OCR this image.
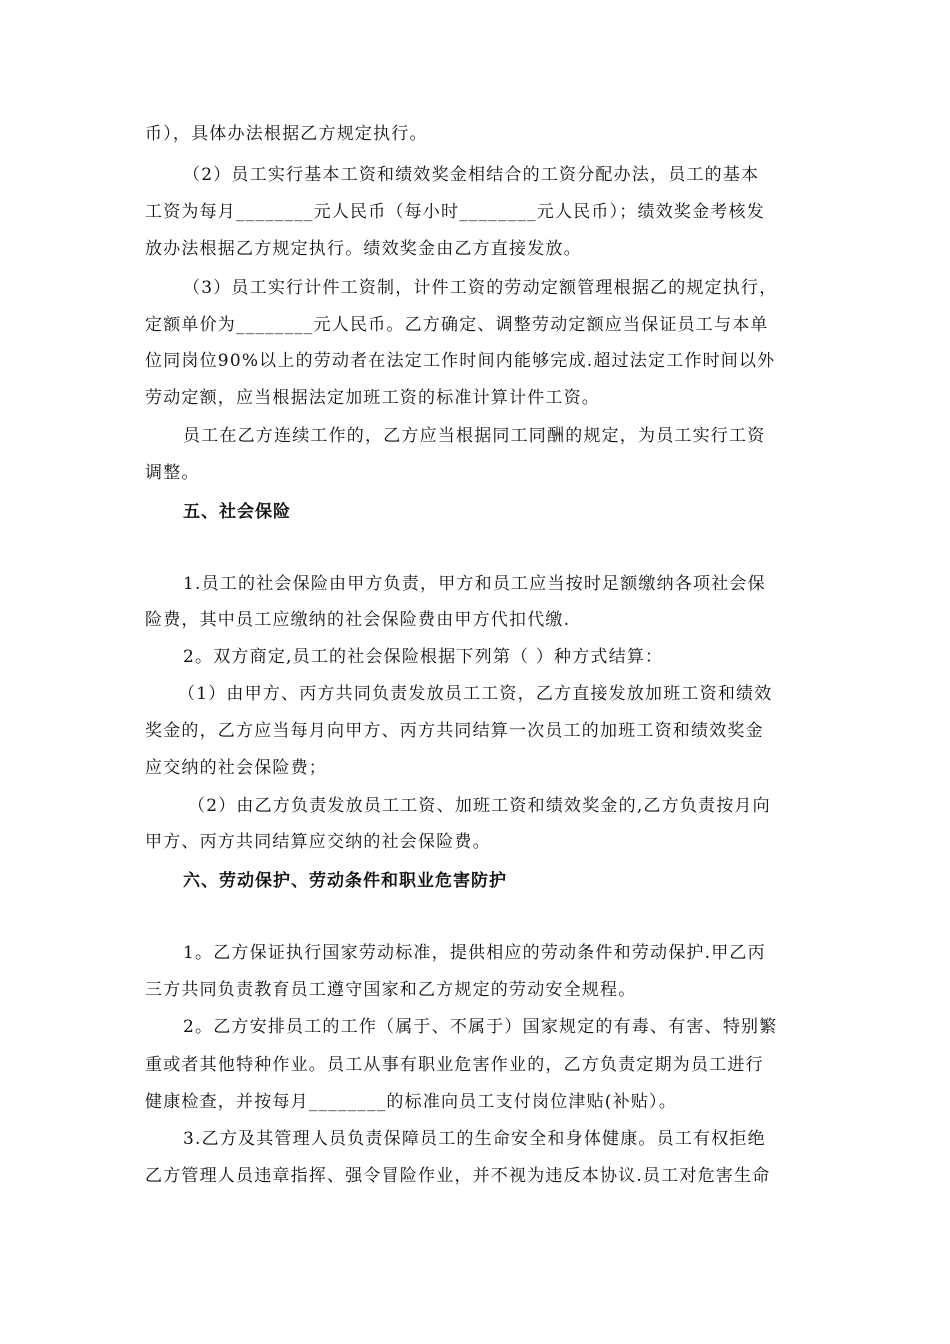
币），具体办法根据乙方规定执行。
（2）员工实行基本工资和绩效奖金相结合的工资分配办法，员工的基本
工资为每月________元人民币（每小时________元人民币）；绩效奖金考核发
放办法根据乙方规定执行。绩效奖金由乙方直接发放。
（3）员工实行计件工资制，计件工资的劳动定额管理根据乙的规定执行，
定额单价为________元人民币。乙方确定、调整劳动定额应当保证员工与本单
位同岗位90%以上的劳动者在法定工作时间内能够完成.超过法定工作时间以外
劳动定额，应当根据法定加班工资的标准计算计件工资。
员工在乙方连续工作的，乙方应当根据同工同酬的规定，为员工实行工资
调整。
五、社会保险
1.员工的社会保险由甲方负责，甲方和员工应当按时足额缴纳各项社会保
险费，其中员工应缴纳的社会保险费由甲方代扣代缴.
2。双方商定,员工的社会保险根据下列第（ ）种方式结算：
（1）由甲方、丙方共同负责发放员工工资，乙方直接发放加班工资和绩效
奖金的，乙方应当每月向甲方、丙方共同结算一次员工的加班工资和绩效奖金
应交纳的社会保险费；
（2）由乙方负责发放员工工资、加班工资和绩效奖金的,乙方负责按月向
甲方、丙方共同结算应交纳的社会保险费。
六、劳动保护、劳动条件和职业危害防护
1。乙方保证执行国家劳动标准，提供相应的劳动条件和劳动保护.甲乙丙
三方共同负责教育员工遵守国家和乙方规定的劳动安全规程。
2。乙方安排员工的工作（属于、不属于）国家规定的有毒、有害、特别繁
重或者其他特种作业。员工从事有职业危害作业的，乙方负责定期为员工进行
健康检查，并按每月________的标准向员工支付岗位津贴(补贴）。
3.乙方及其管理人员负责保障员工的生命安全和身体健康。员工有权拒绝
乙方管理人员违章指挥、强令冒险作业，并不视为违反本协议.员工对危害生命
